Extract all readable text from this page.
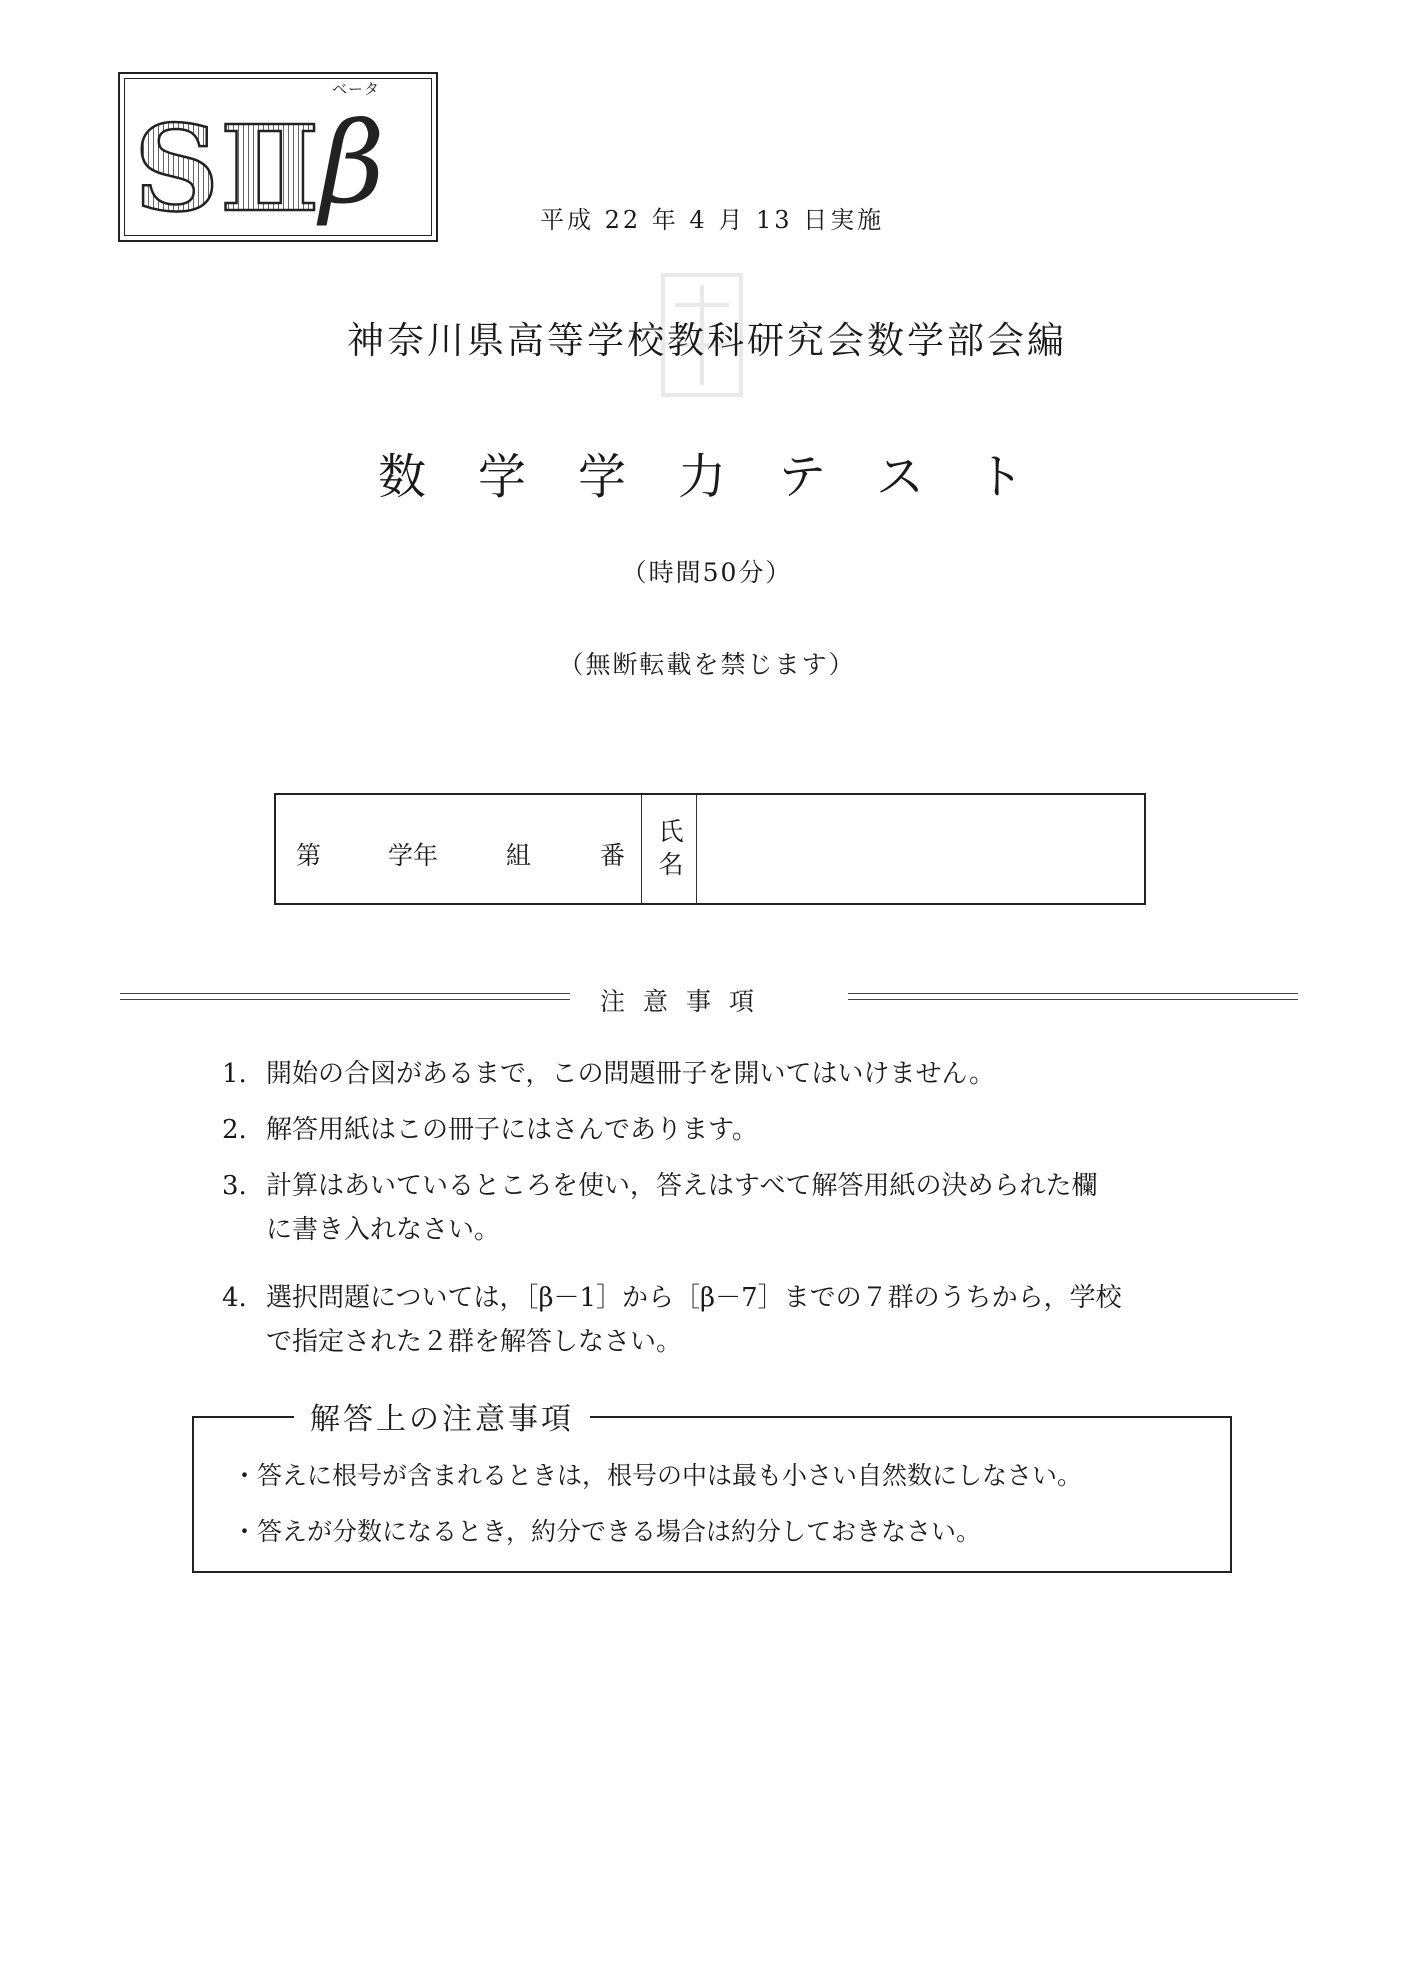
ベータ
S Ⅱ β	平成 22 年 4 月 13 日実施
神奈川県高等学校教科研究会数学部会編
数学学力テスト
（時間50分）
（無断転載を禁じます）
第	学年	組	番
氏
名
注意事項
1. 開始の合図があるまで，この問題冊子を開いてはいけません。
2. 解答用紙はこの冊子にはさんであります。
3. 計算はあいているところを使い，答えはすべて解答用紙の決められた欄
に書き入れなさい。
4. 選択問題については，［β－1］から［β－7］までの７群のうちから，学校
で指定された２群を解答しなさい。
解答上の注意事項
・答えに根号が含まれるときは，根号の中は最も小さい自然数にしなさい。
・答えが分数になるとき，約分できる場合は約分しておきなさい。
